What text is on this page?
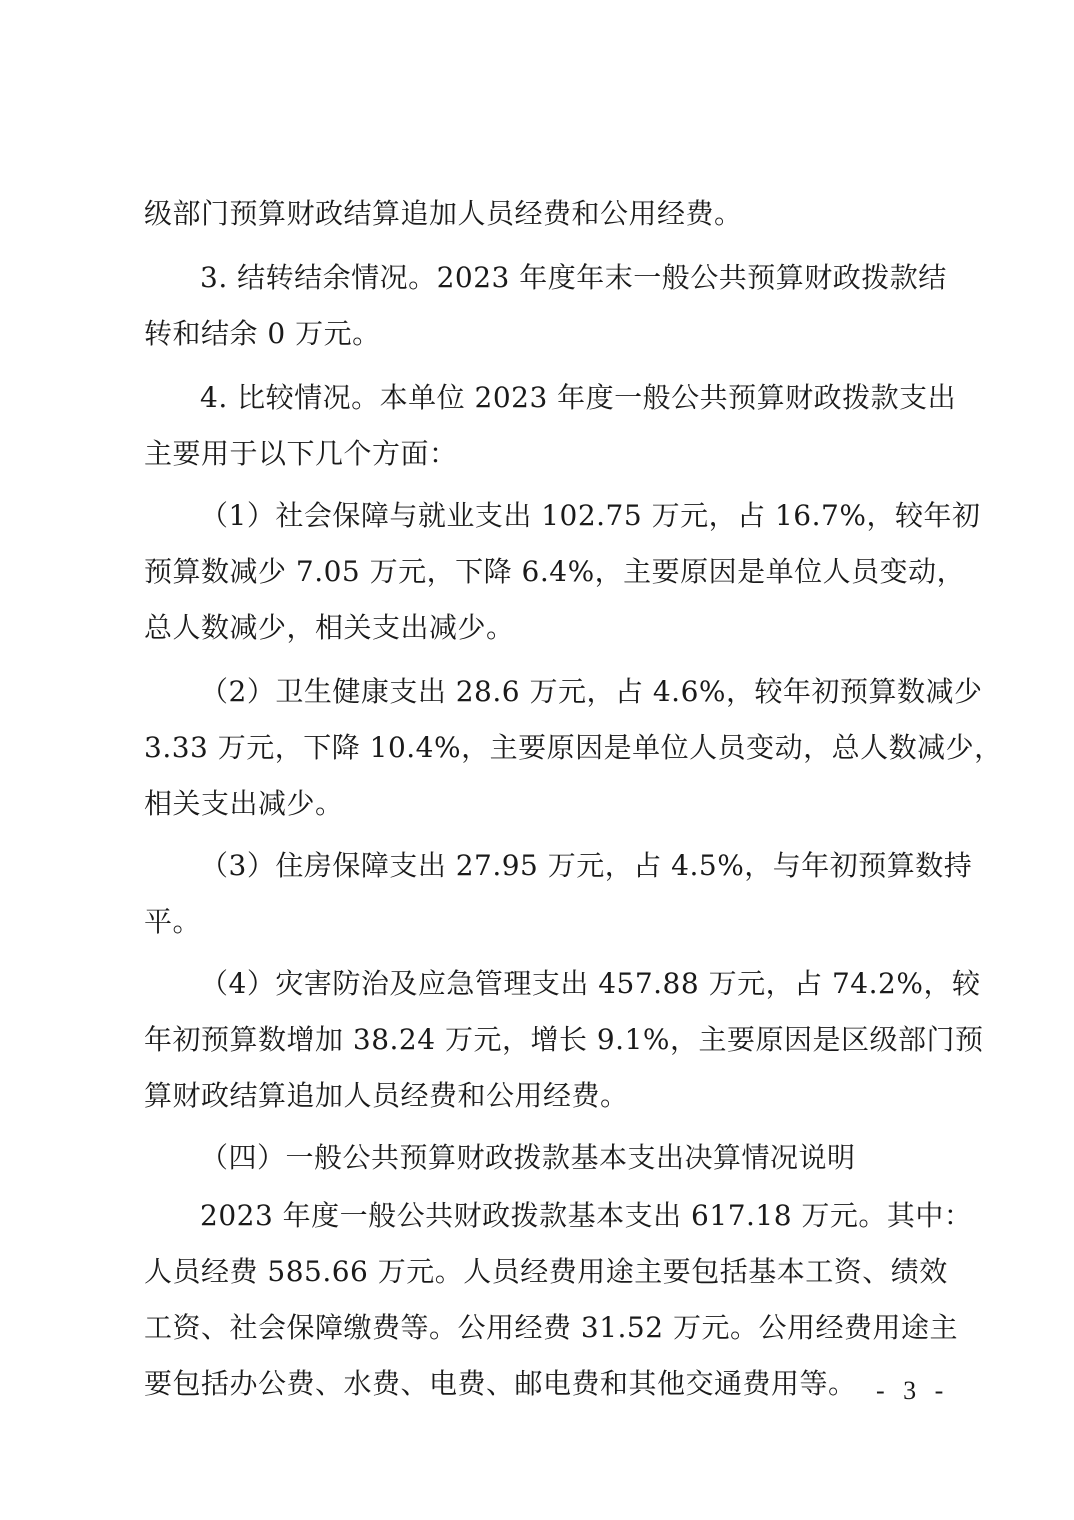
级部门预算财政结算追加人员经费和公用经费。
3. 结转结余情况。2023 年度年末一般公共预算财政拨款结
转和结余 0 万元。
4. 比较情况。本单位 2023 年度一般公共预算财政拨款支出
主要用于以下几个方面：
（1）社会保障与就业支出 102.75 万元，占 16.7%，较年初
预算数减少 7.05 万元，下降 6.4%，主要原因是单位人员变动，
总人数减少，相关支出减少。
（2）卫生健康支出 28.6 万元，占 4.6%，较年初预算数减少
3.33 万元，下降 10.4%，主要原因是单位人员变动，总人数减少，
相关支出减少。
（3）住房保障支出 27.95 万元，占 4.5%，与年初预算数持
平。
（4）灾害防治及应急管理支出 457.88 万元，占 74.2%，较
年初预算数增加 38.24 万元，增长 9.1%，主要原因是区级部门预
算财政结算追加人员经费和公用经费。
（四）一般公共预算财政拨款基本支出决算情况说明
2023 年度一般公共财政拨款基本支出 617.18 万元。其中：
人员经费 585.66 万元。人员经费用途主要包括基本工资、绩效
工资、社会保障缴费等。公用经费 31.52 万元。公用经费用途主
要包括办公费、水费、电费、邮电费和其他交通费用等。 - 3 -
